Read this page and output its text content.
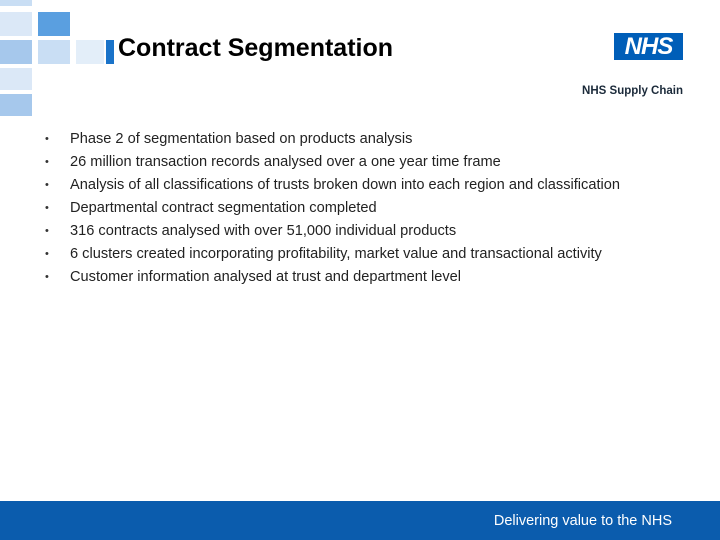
Contract Segmentation	NHS
NHS Supply Chain
• Phase 2 of segmentation based on products analysis
• 26 million transaction records analysed over a one year time frame
• Analysis of all classifications of trusts broken down into each region and classification
• Departmental contract segmentation completed
• 316 contracts analysed with over 51,000 individual products
• 6 clusters created incorporating profitability, market value and transactional activity
• Customer information analysed at trust and department level
Delivering value to the NHS
